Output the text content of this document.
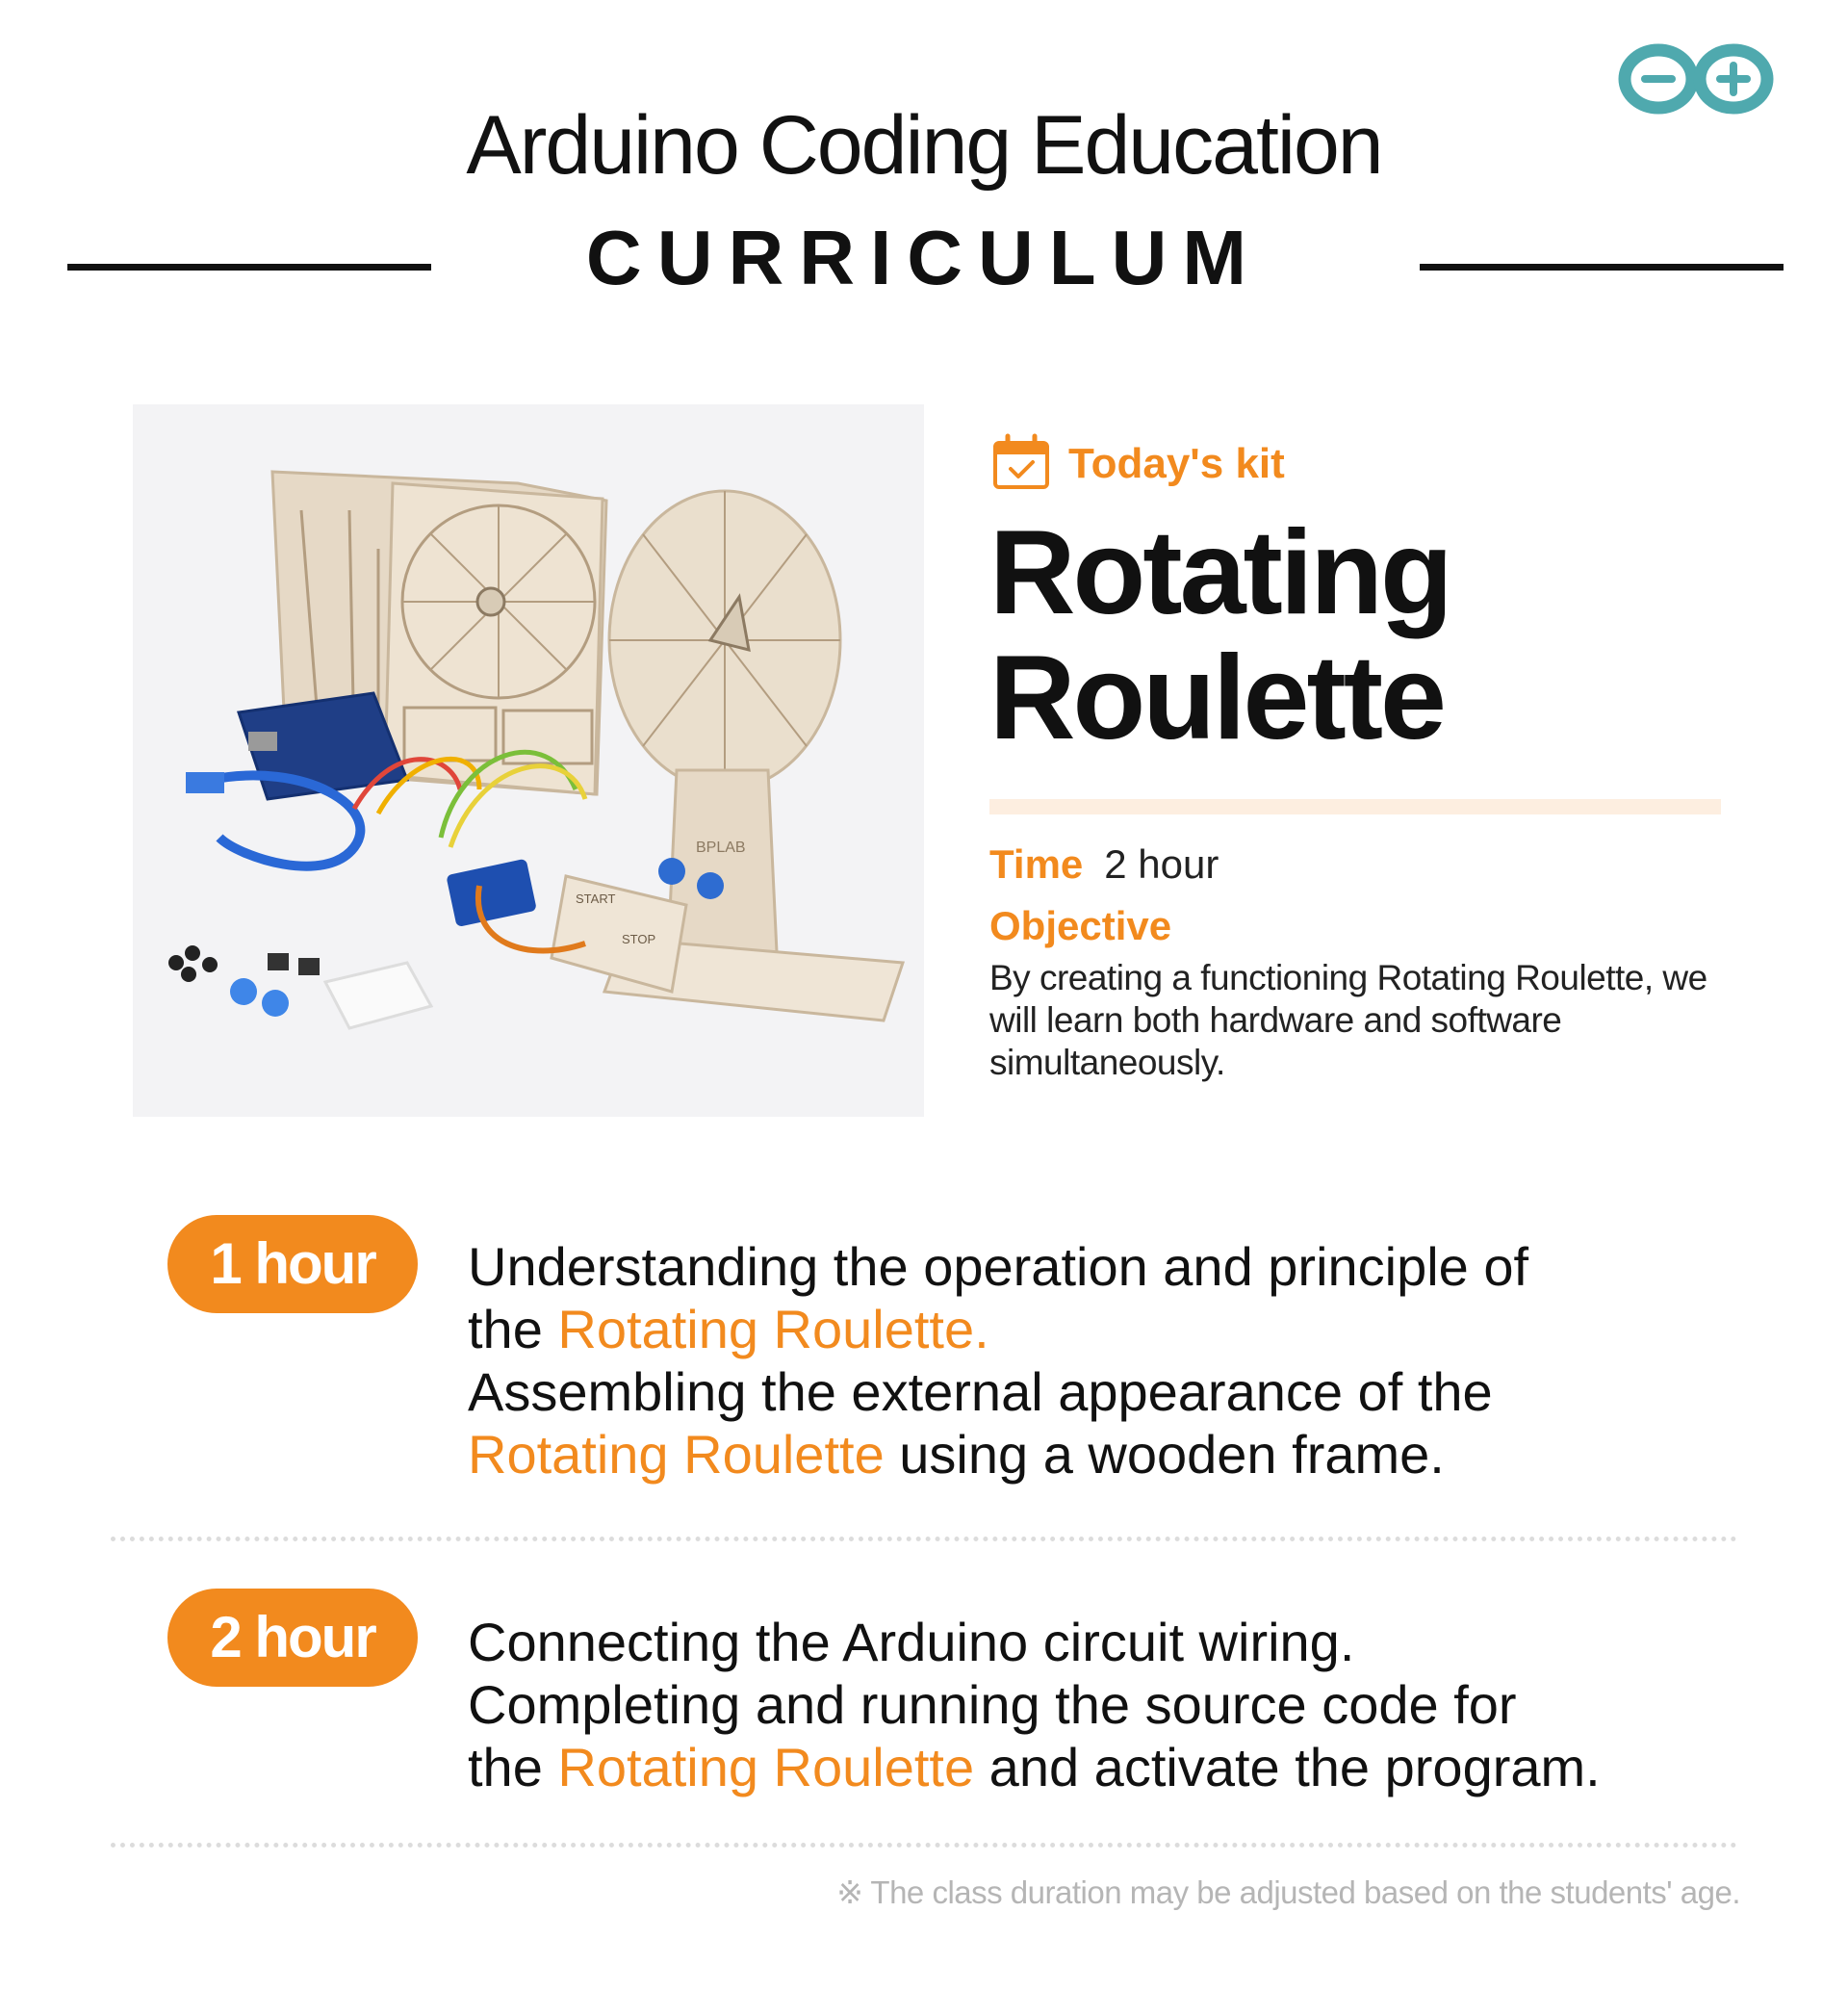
Arduino Coding Education
CURRICULUM
BPLAB
START
STOP
Today's kit
Rotating
Roulette
Time 2 hour
Objective
By creating a functioning Rotating Roulette, we will learn both hardware and software simultaneously.
1 hour	Understanding the operation and principle of
the Rotating Roulette.
Assembling the external appearance of the
Rotating Roulette using a wooden frame.
2 hour	Connecting the Arduino circuit wiring.
Completing and running the source code for
the Rotating Roulette and activate the program.
※ The class duration may be adjusted based on the students' age.
